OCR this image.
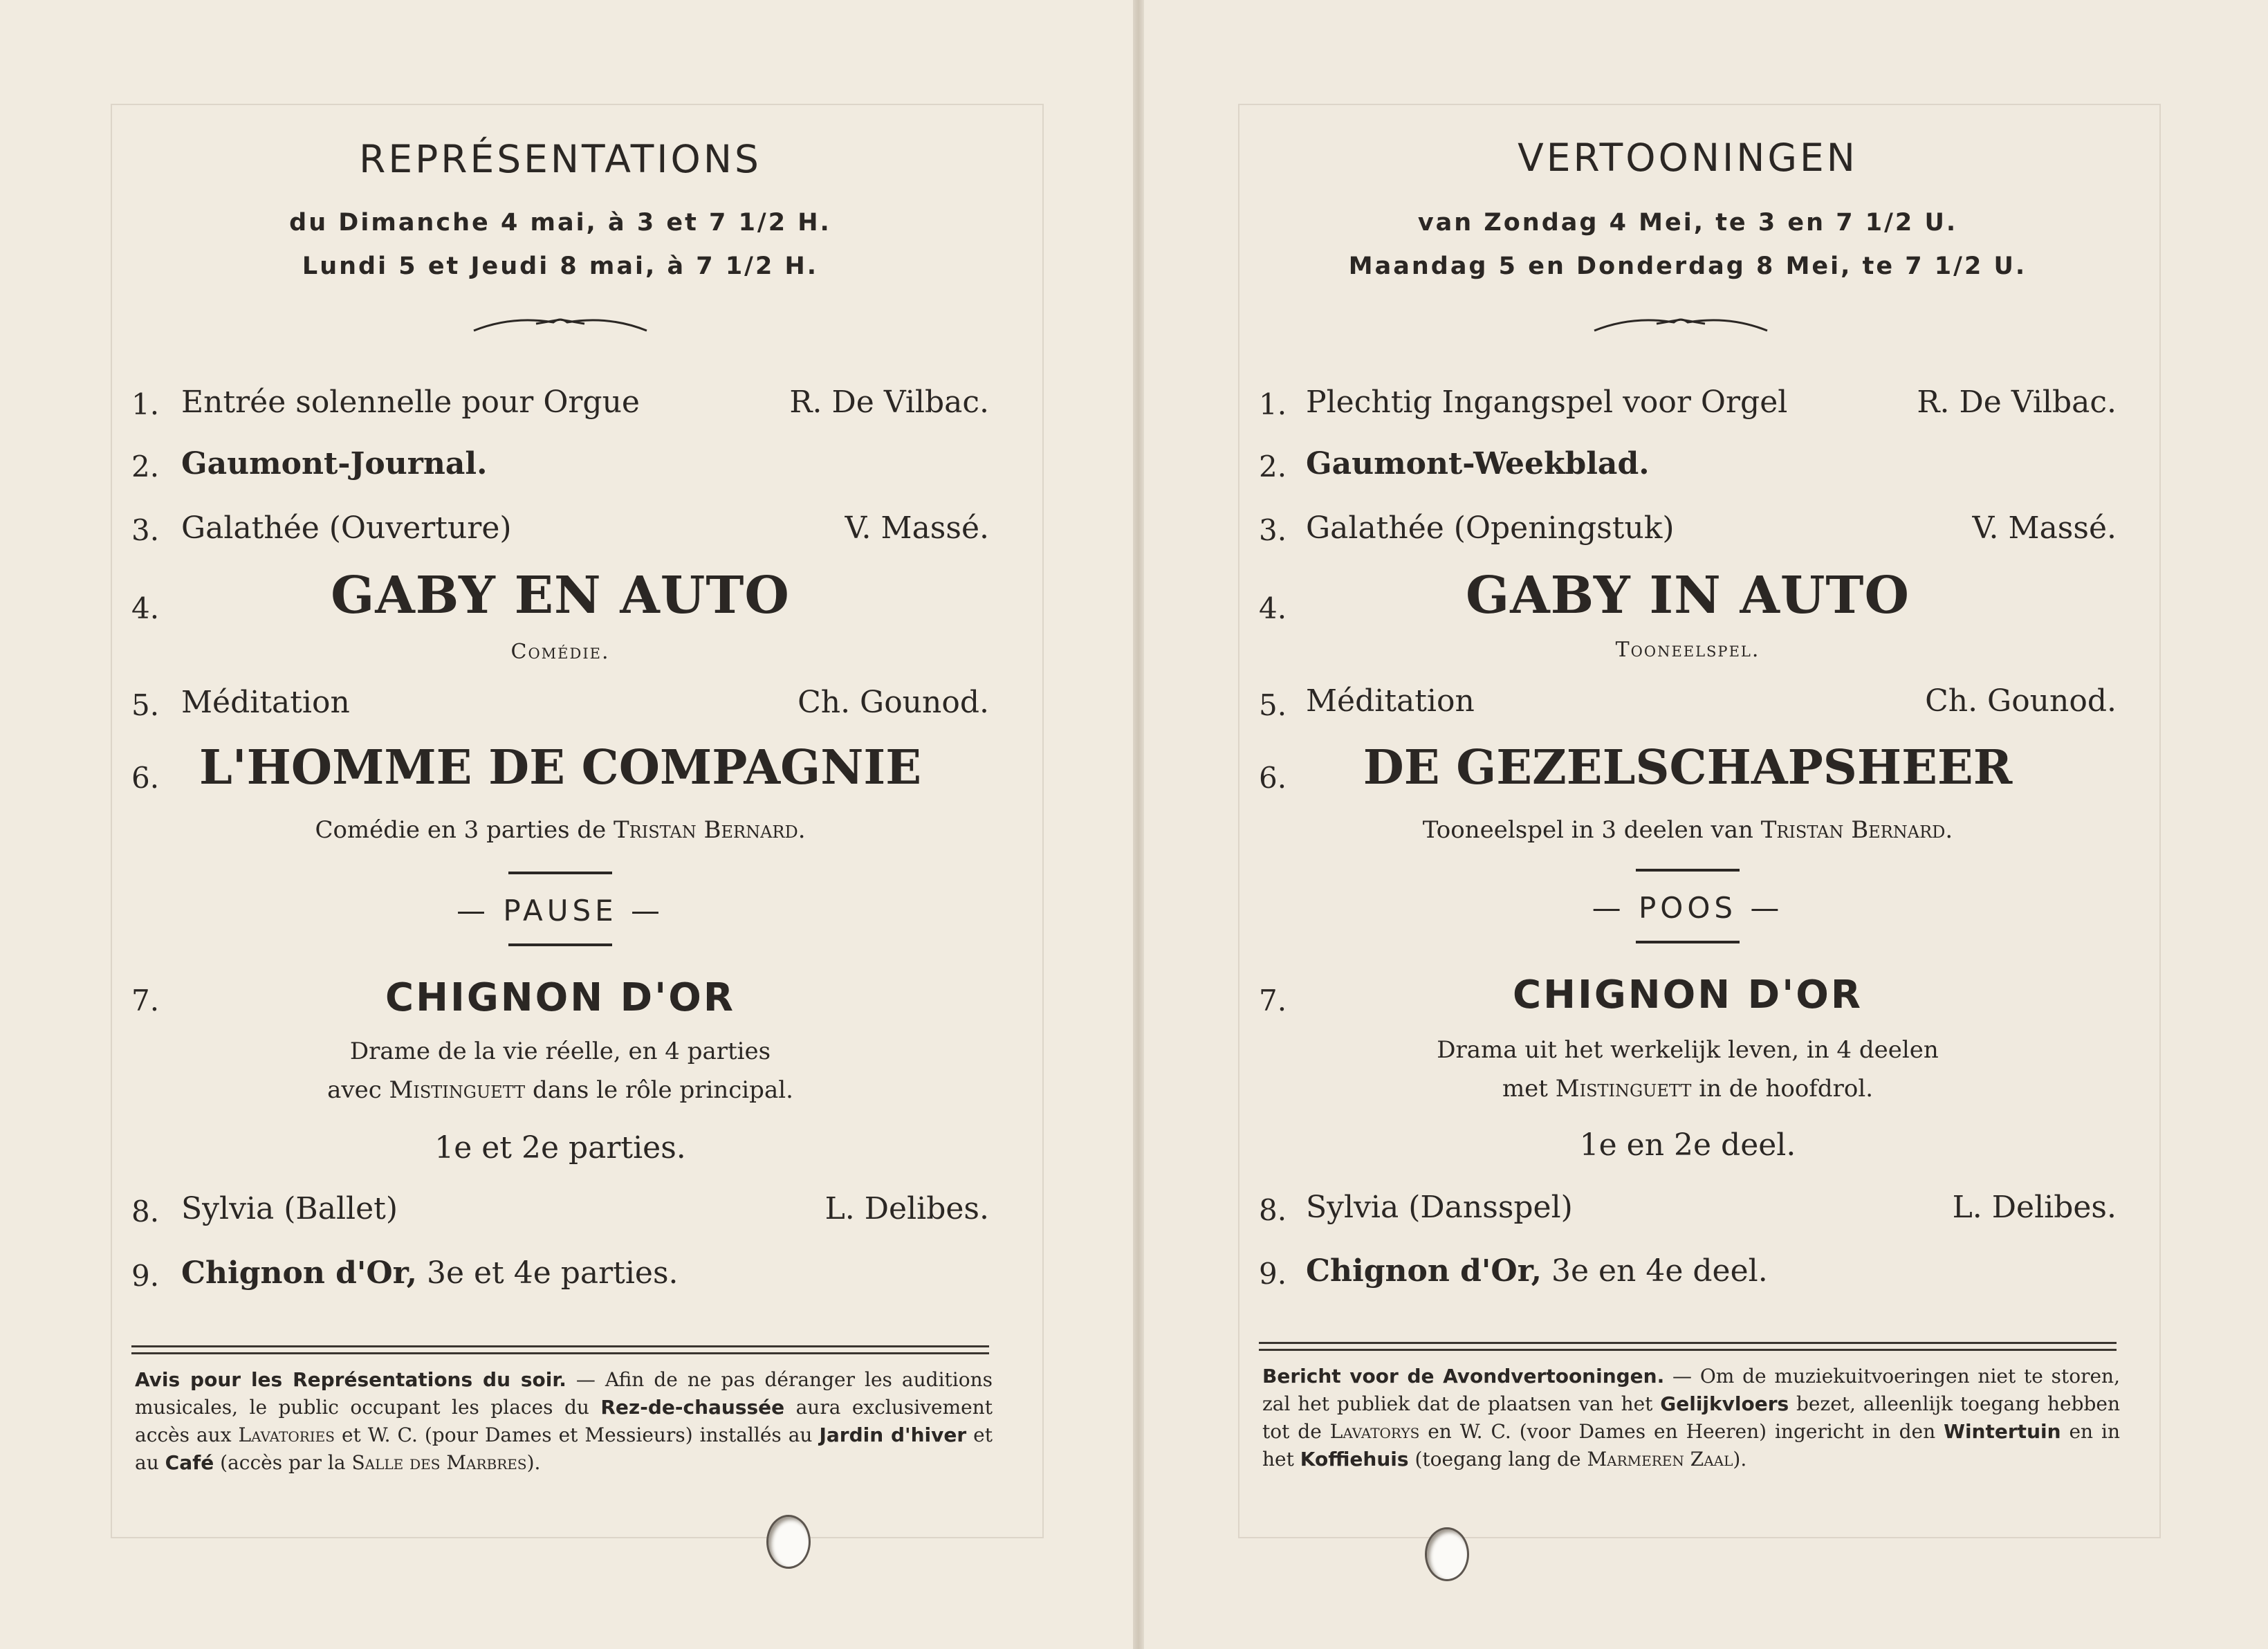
REPRÉSENTATIONS
du Dimanche 4 mai, à 3 et 7 1/2 H.
Lundi 5 et Jeudi 8 mai, à 7 1/2 H.
1. Entrée solennelle pour Orgue	R. De Vilbac.
2. Gaumont-Journal.
3. Galathée (Ouverture)	V. Massé.
4.	GABY EN AUTO
Comédie.
5. Méditation	Ch. Gounod.
6. L'HOMME DE COMPAGNIE
Comédie en 3 parties de Tristan Bernard.
— PAUSE —
7.	CHIGNON D'OR
Drame de la vie réelle, en 4 parties
avec Mistinguett dans le rôle principal.
1e et 2e parties.
8. Sylvia (Ballet)	L. Delibes.
9. Chignon d'Or, 3e et 4e parties.
Avis pour les Représentations du soir. — Afin de ne pas déranger les auditions musicales, le public occupant les places du Rez-de-chaussée aura exclusivement accès aux Lavatories et W. C. (pour Dames et Messieurs) installés au Jardin d'hiver et au Café (accès par la Salle des Marbres).
VERTOONINGEN
van Zondag 4 Mei, te 3 en 7 1/2 U.
Maandag 5 en Donderdag 8 Mei, te 7 1/2 U.
1. Plechtig Ingangspel voor Orgel	R. De Vilbac.
2. Gaumont-Weekblad.
3. Galathée (Openingstuk)	V. Massé.
4.	GABY IN AUTO
Tooneelspel.
5. Méditation	Ch. Gounod.
6.	DE GEZELSCHAPSHEER
Tooneelspel in 3 deelen van Tristan Bernard.
— POOS —
7.	CHIGNON D'OR
Drama uit het werkelijk leven, in 4 deelen
met Mistinguett in de hoofdrol.
1e en 2e deel.
8. Sylvia (Dansspel)	L. Delibes.
9. Chignon d'Or, 3e en 4e deel.
Bericht voor de Avondvertooningen. — Om de muziekuitvoeringen niet te storen, zal het publiek dat de plaatsen van het Gelijkvloers bezet, alleenlijk toegang hebben tot de Lavatorys en W. C. (voor Dames en Heeren) ingericht in den Wintertuin en in het Koffiehuis (toegang lang de Marmeren Zaal).
